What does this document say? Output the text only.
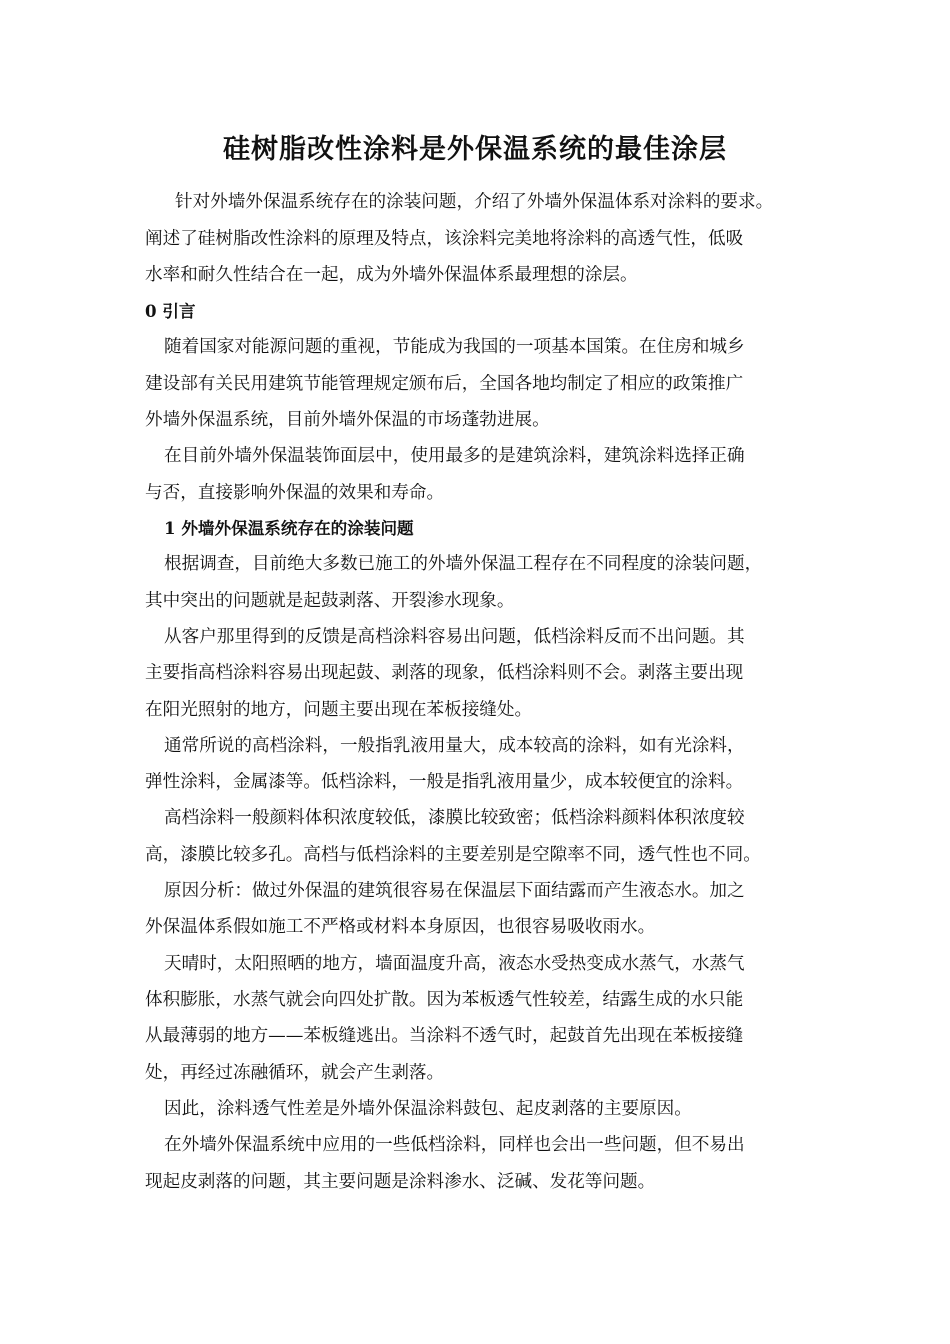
硅树脂改性涂料是外保温系统的最佳涂层

针对外墙外保温系统存在的涂装问题，介绍了外墙外保温体系对涂料的要求。

阐述了硅树脂改性涂料的原理及特点，该涂料完美地将涂料的高透气性，低吸

水率和耐久性结合在一起，成为外墙外保温体系最理想的涂层。

0 引言

随着国家对能源问题的重视，节能成为我国的一项基本国策。在住房和城乡

建设部有关民用建筑节能管理规定颁布后，全国各地均制定了相应的政策推广

外墙外保温系统，目前外墙外保温的市场蓬勃进展。

在目前外墙外保温装饰面层中，使用最多的是建筑涂料，建筑涂料选择正确

与否，直接影响外保温的效果和寿命。

1 外墙外保温系统存在的涂装问题

根据调查，目前绝大多数已施工的外墙外保温工程存在不同程度的涂装问题，

其中突出的问题就是起鼓剥落、开裂渗水现象。

从客户那里得到的反馈是高档涂料容易出问题，低档涂料反而不出问题。其

主要指高档涂料容易出现起鼓、剥落的现象，低档涂料则不会。剥落主要出现

在阳光照射的地方，问题主要出现在苯板接缝处。

通常所说的高档涂料，一般指乳液用量大，成本较高的涂料，如有光涂料，

弹性涂料，金属漆等。低档涂料，一般是指乳液用量少，成本较便宜的涂料。

高档涂料一般颜料体积浓度较低，漆膜比较致密；低档涂料颜料体积浓度较

高，漆膜比较多孔。高档与低档涂料的主要差别是空隙率不同，透气性也不同。

原因分析：做过外保温的建筑很容易在保温层下面结露而产生液态水。加之

外保温体系假如施工不严格或材料本身原因，也很容易吸收雨水。

天晴时，太阳照晒的地方，墙面温度升高，液态水受热变成水蒸气，水蒸气

体积膨胀，水蒸气就会向四处扩散。因为苯板透气性较差，结露生成的水只能

从最薄弱的地方——苯板缝逃出。当涂料不透气时，起鼓首先出现在苯板接缝

处，再经过冻融循环，就会产生剥落。

因此，涂料透气性差是外墙外保温涂料鼓包、起皮剥落的主要原因。

在外墙外保温系统中应用的一些低档涂料，同样也会出一些问题，但不易出

现起皮剥落的问题，其主要问题是涂料渗水、泛碱、发花等问题。
